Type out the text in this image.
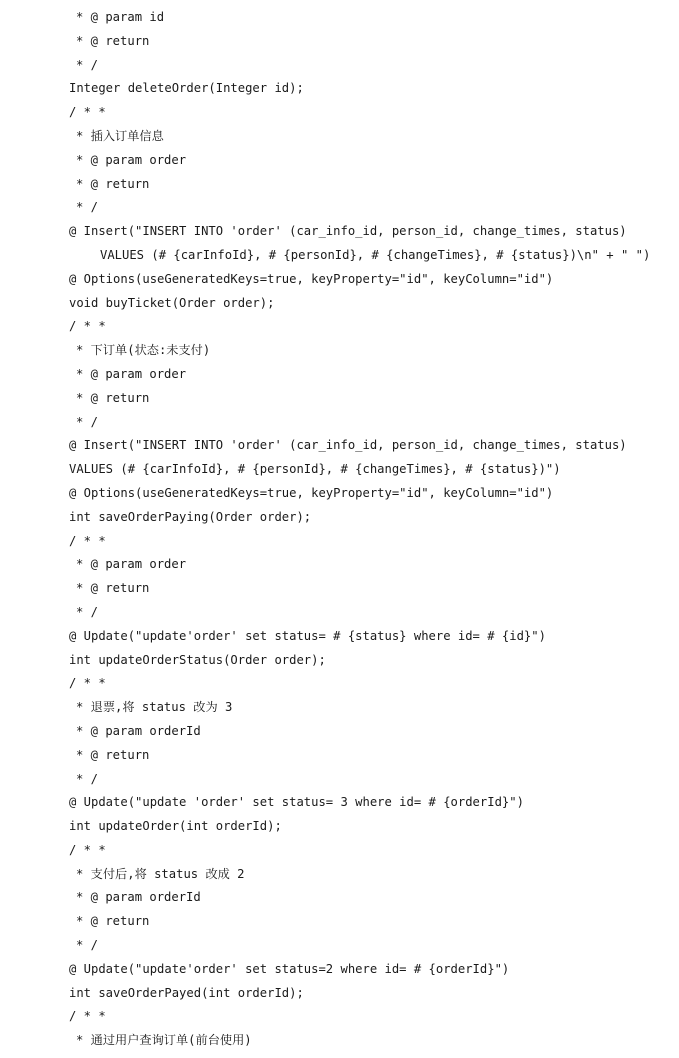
* @ param id
* @ return
* /
Integer deleteOrder(Integer id);
/ * *
* 插入订单信息
* @ param order
* @ return
* /
@ Insert("INSERT INTO 'order' (car_info_id, person_id, change_times, status)
VALUES (# {carInfoId}, # {personId}, # {changeTimes}, # {status})\n" + " ")
@ Options(useGeneratedKeys=true, keyProperty="id", keyColumn="id")
void buyTicket(Order order);
/ * *
* 下订单(状态:未支付)
* @ param order
* @ return
* /
@ Insert("INSERT INTO 'order' (car_info_id, person_id, change_times, status)
VALUES (# {carInfoId}, # {personId}, # {changeTimes}, # {status})")
@ Options(useGeneratedKeys=true, keyProperty="id", keyColumn="id")
int saveOrderPaying(Order order);
/ * *
* @ param order
* @ return
* /
@ Update("update'order' set status= # {status} where id= # {id}")
int updateOrderStatus(Order order);
/ * *
* 退票,将 status 改为 3
* @ param orderId
* @ return
* /
@ Update("update 'order' set status= 3 where id= # {orderId}")
int updateOrder(int orderId);
/ * *
* 支付后,将 status 改成 2
* @ param orderId
* @ return
* /
@ Update("update'order' set status=2 where id= # {orderId}")
int saveOrderPayed(int orderId);
/ * *
* 通过用户查询订单(前台使用)
